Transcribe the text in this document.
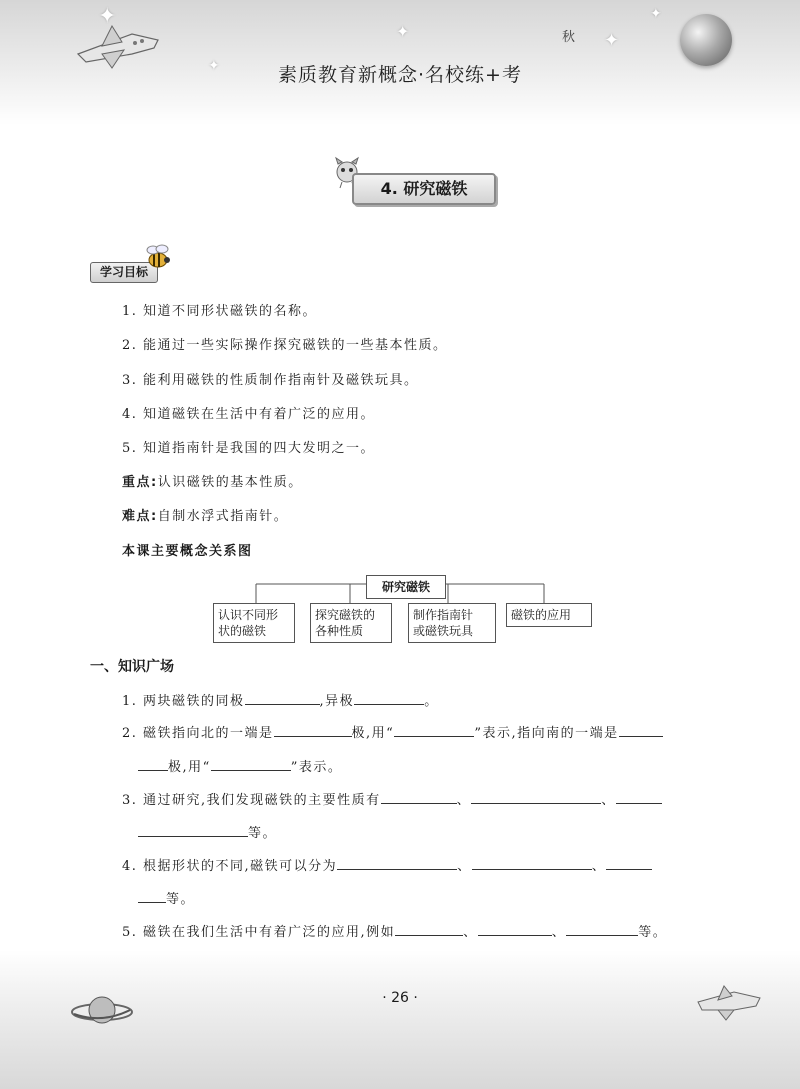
✦
✦
✦	✦
✦
秋
素质教育新概念·名校练+考
4. 研究磁铁
学习目标
1. 知道不同形状磁铁的名称。
2. 能通过一些实际操作探究磁铁的一些基本性质。
3. 能利用磁铁的性质制作指南针及磁铁玩具。
4. 知道磁铁在生活中有着广泛的应用。
5. 知道指南针是我国的四大发明之一。
重点:认识磁铁的基本性质。
难点:自制水浮式指南针。
本课主要概念关系图
研究磁铁
认识不同形
状的磁铁
探究磁铁的
各种性质
制作指南针
或磁铁玩具
磁铁的应用
一、知识广场
1. 两块磁铁的同极	,异极	。
2. 磁铁指向北的一端是	极,用“	”表示,指向南的一端是
极,用“	”表示。
3. 通过研究,我们发现磁铁的主要性质有	、	、
等。
4. 根据形状的不同,磁铁可以分为	、	、
等。
5. 磁铁在我们生活中有着广泛的应用,例如	、	、	等。
· 26 ·
